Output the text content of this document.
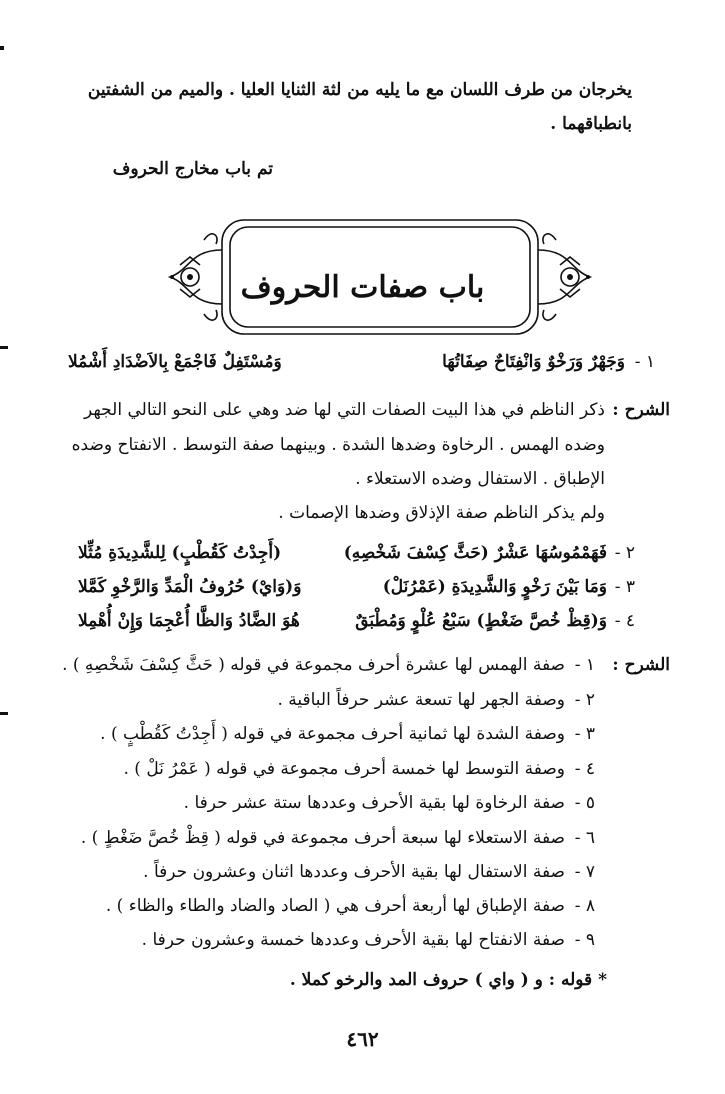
يخرجان من طرف اللسان مع ما يليه من لثة الثنايا العليا . والميم من الشفتين
بانطباقهما .
تم باب مخارج الحروف
باب صفات الحروف
١ -
وَجَهْرٌ وَرَخْوٌ وَانْفِتَاحٌ صِفَاتُهَا
وَمُسْتَفِلٌ فَاجْمَعْ بِالاَضْدَادِ أَشْمُلا
الشرح :
ذكر الناظم في هذا البيت الصفات التي لها ضد وهي على النحو التالي الجهر
وضده الهمس . الرخاوة وضدها الشدة . وبينهما صفة التوسط . الانفتاح وضده
الإطباق . الاستفال وضده الاستعلاء .
ولم يذكر الناظم صفة الإذلاق وضدها الإصمات .
٢ -
فَهَمْمُوسُهَا عَشْرٌ (حَثَّ كِسْفَ شَخْصِهِ)
(أَجِدْتُ كَقُطْبٍ) لِلشَّدِيدَةِ مُثِّلا
٣ -
وَمَا بَيْنَ رَخْوٍ وَالشَّدِيدَةِ (عَمْرُنَلْ)
وَ(وَايْ) حُرُوفُ الْمَدِّ وَالرَّخْوِ كَمَّلا
٤ -
وَ(قِظْ خُصَّ ضَغْطٍ) سَبْعُ عُلْوٍ وَمُطْبَقٌ
هُوَ الضَّادُ وَالظَّا أُعْجِمَا وَإِنْ أُهْمِلا
الشرح :
١ -
صفة الهمس لها عشرة أحرف مجموعة في قوله ( حَثَّ كِسْفَ شَخْصِهِ ) .
٢ -
وصفة الجهر لها تسعة عشر حرفاً الباقية .
٣ -
وصفة الشدة لها ثمانية أحرف مجموعة في قوله ( أَجِدْتُ كَقُطْبٍ ) .
٤ -
وصفة التوسط لها خمسة أحرف مجموعة في قوله ( عَمْرُ نَلْ ) .
٥ -
صفة الرخاوة لها بقية الأحرف وعددها ستة عشر حرفا .
٦ -
صفة الاستعلاء لها سبعة أحرف مجموعة في قوله ( قِظْ خُصَّ ضَغْطٍ ) .
٧ -
صفة الاستفال لها بقية الأحرف وعددها اثنان وعشرون حرفاً .
٨ -
صفة الإطباق لها أربعة أحرف هي ( الصاد والضاد والطاء والظاء ) .
٩ -
صفة الانفتاح لها بقية الأحرف وعددها خمسة وعشرون حرفا .
* قوله : و ( واي ) حروف المد والرخو كملا .
٤٦٢
